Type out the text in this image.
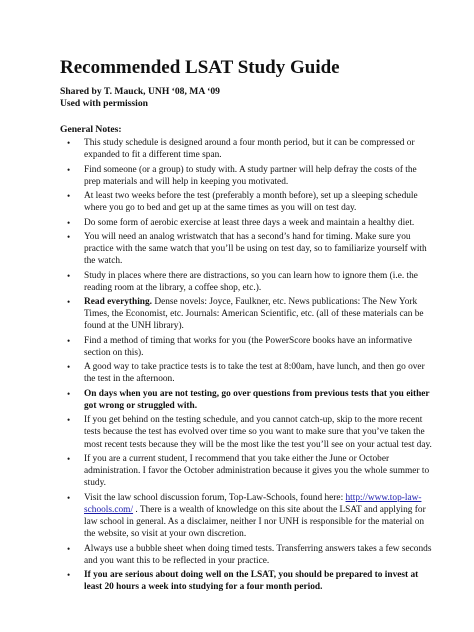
Recommended LSAT Study Guide

Shared by T. Mauck, UNH ‘08, MA ‘09

Used with permission

General Notes:

• This study schedule is designed around a four month period, but it can be compressed or expanded to fit a different time span.
• Find someone (or a group) to study with. A study partner will help defray the costs of the prep materials and will help in keeping you motivated.
• At least two weeks before the test (preferably a month before), set up a sleeping schedule where you go to bed and get up at the same times as you will on test day.
• Do some form of aerobic exercise at least three days a week and maintain a healthy diet.
• You will need an analog wristwatch that has a second’s hand for timing. Make sure you practice with the same watch that you’ll be using on test day, so to familiarize yourself with the watch.
• Study in places where there are distractions, so you can learn how to ignore them (i.e. the reading room at the library, a coffee shop, etc.).
• Read everything. Dense novels: Joyce, Faulkner, etc. News publications: The New York Times, the Economist, etc. Journals: American Scientific, etc. (all of these materials can be found at the UNH library).
• Find a method of timing that works for you (the PowerScore books have an informative section on this).
• A good way to take practice tests is to take the test at 8:00am, have lunch, and then go over the test in the afternoon.
• On days when you are not testing, go over questions from previous tests that you either got wrong or struggled with.
• If you get behind on the testing schedule, and you cannot catch-up, skip to the more recent tests because the test has evolved over time so you want to make sure that you’ve taken the most recent tests because they will be the most like the test you’ll see on your actual test day.
• If you are a current student, I recommend that you take either the June or October administration. I favor the October administration because it gives you the whole summer to study.
• Visit the law school discussion forum, Top-Law-Schools, found here: http://www.top-law-schools.com/ . There is a wealth of knowledge on this site about the LSAT and applying for law school in general. As a disclaimer, neither I nor UNH is responsible for the material on the website, so visit at your own discretion.
• Always use a bubble sheet when doing timed tests. Transferring answers takes a few seconds and you want this to be reflected in your practice.
• If you are serious about doing well on the LSAT, you should be prepared to invest at least 20 hours a week into studying for a four month period.
